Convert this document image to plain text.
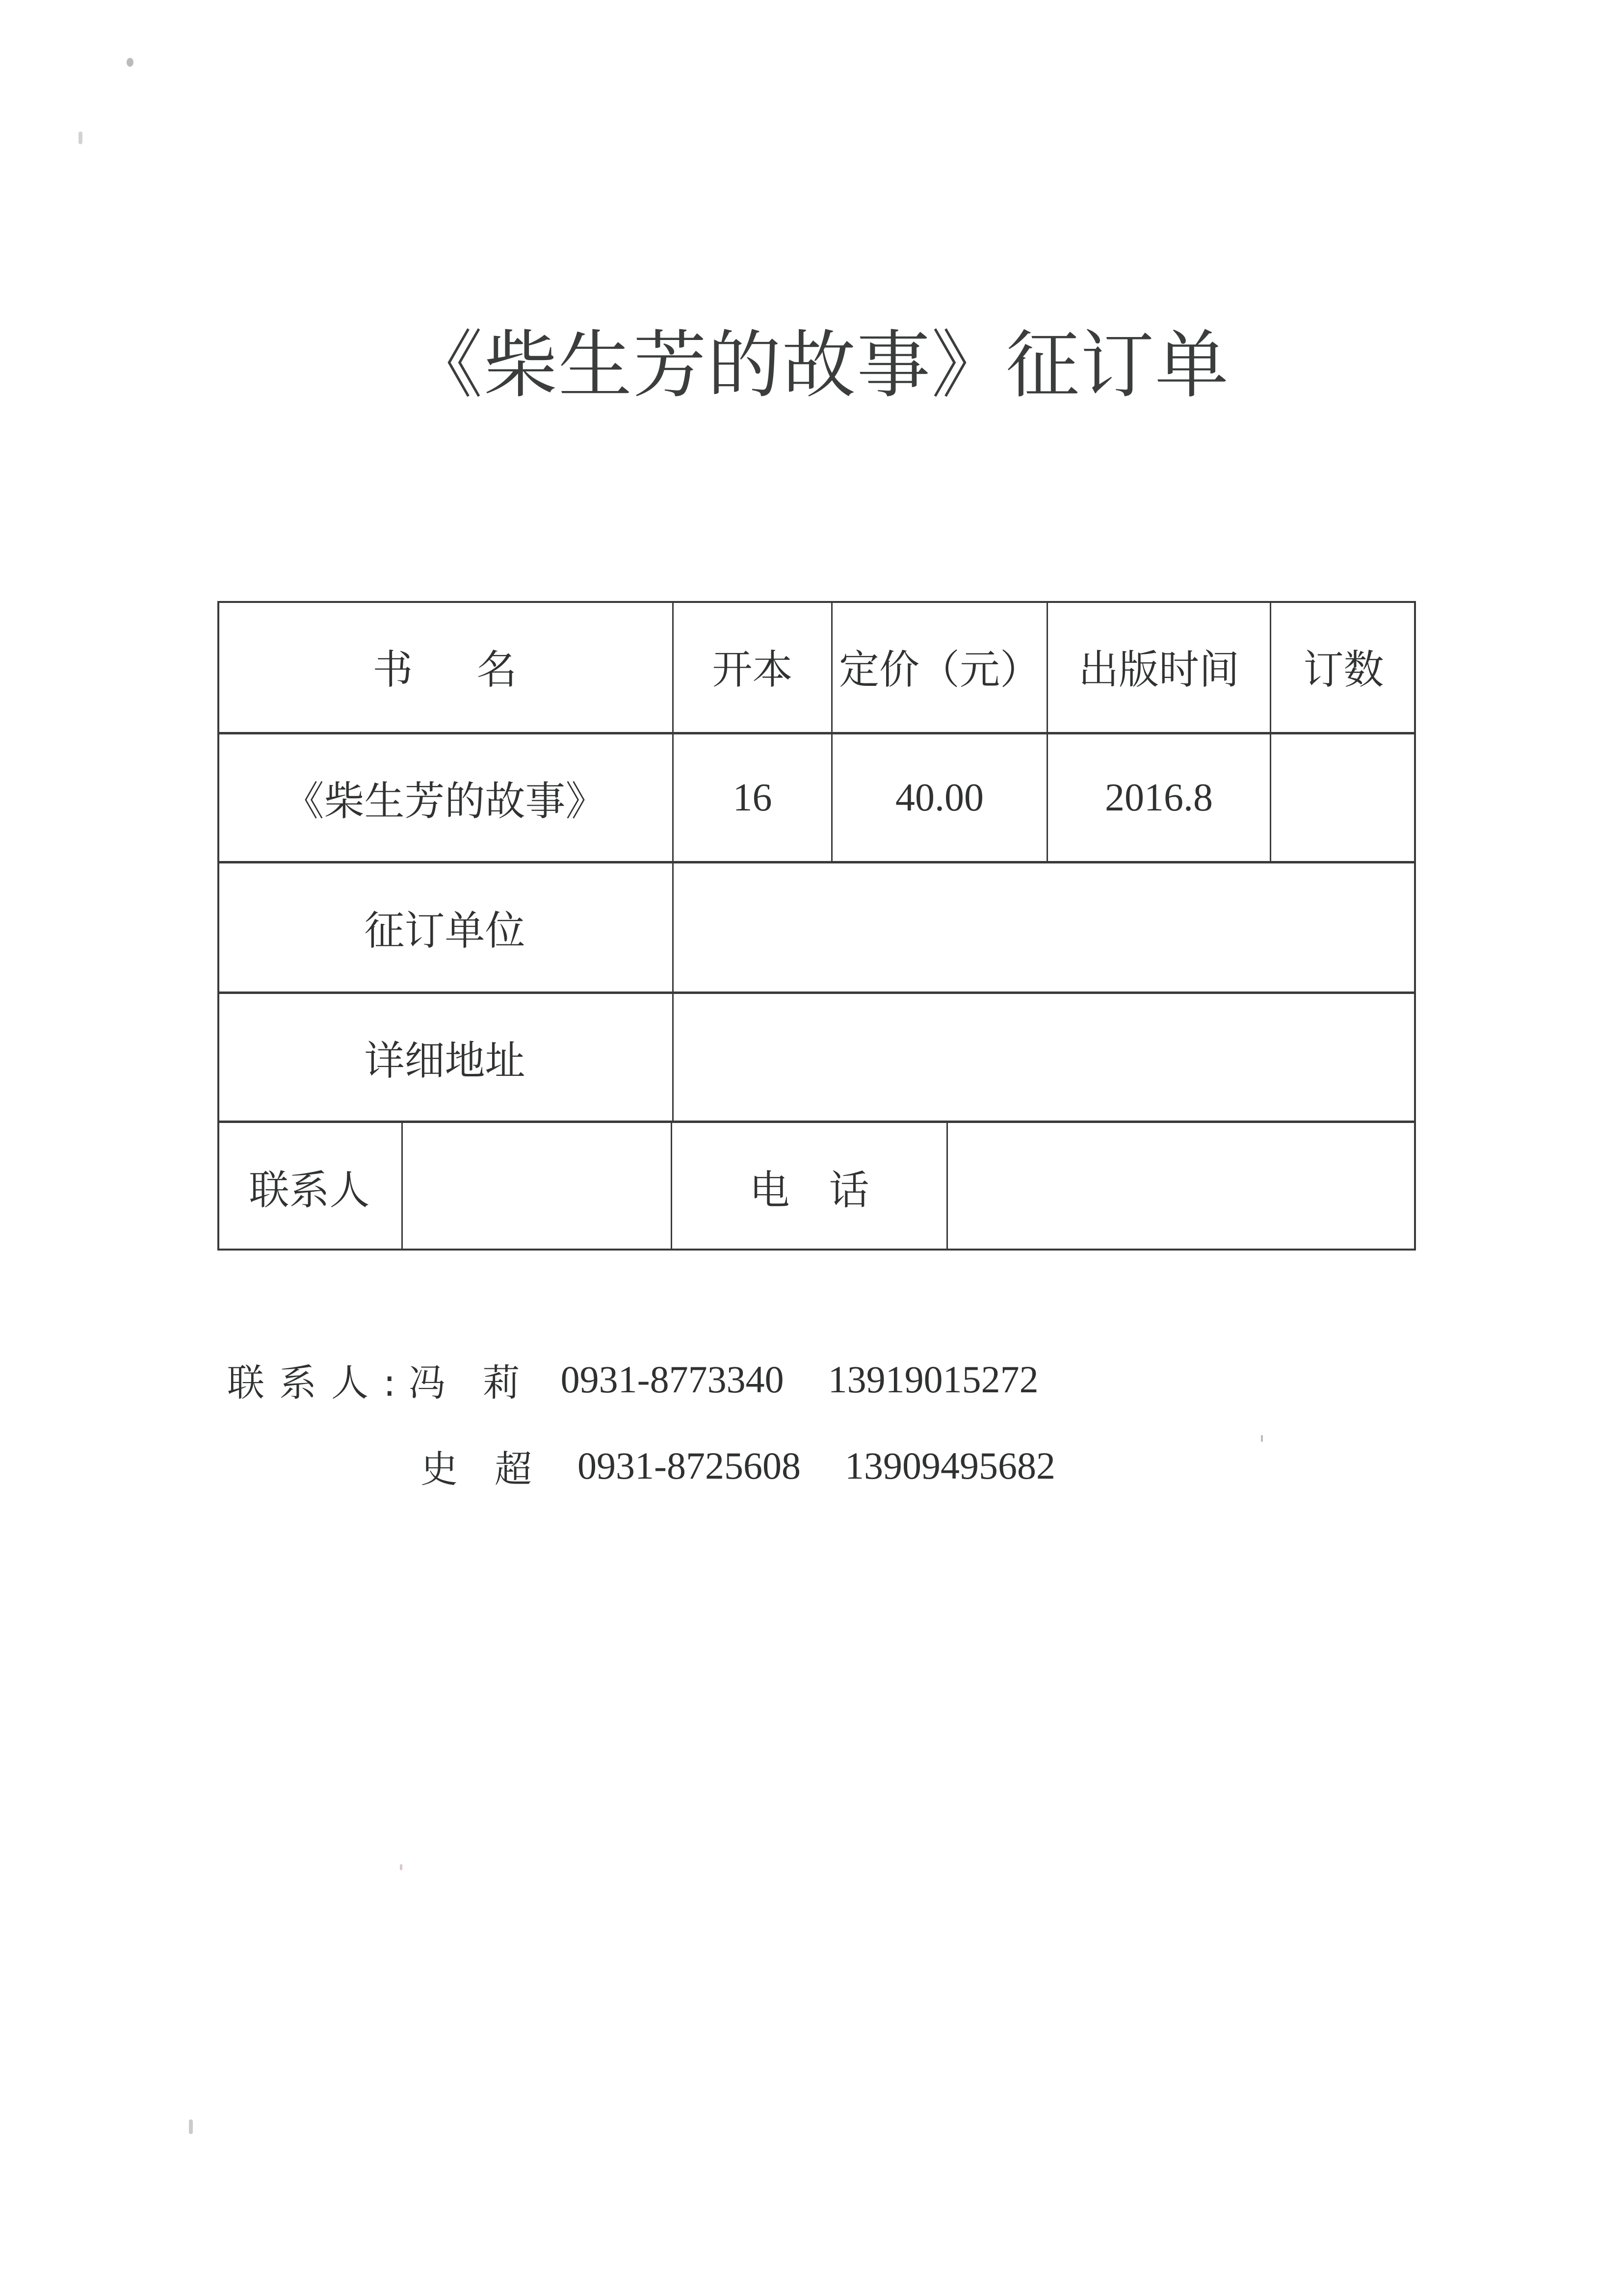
《柴生芳的故事》征订单
书名	开本	定价（元） 出版时间	订数
《柴生芳的故事》	16	40.00	2016.8
征订单位
详细地址
联系人	电话
联系人:
冯莉 0931-8773340	13919015272
史超 0931-8725608	13909495682
